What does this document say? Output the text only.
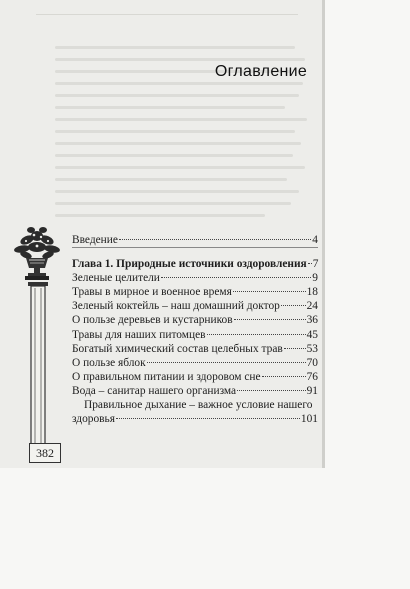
Оглавление
382
Введение	4
Глава 1. Природные источники оздоровления 7
Зеленые целители	9
Травы в мирное и военное время	18
Зеленый коктейль – наш домашний доктор 24
О пользе деревьев и кустарников	36
Травы для наших питомцев	45
Богатый химический состав целебных трав 53
О пользе яблок	70
О правильном питании и здоровом сне	76
Вода – санитар нашего организма	91
Правильное дыхание – важное условие нашего
здоровья	101
